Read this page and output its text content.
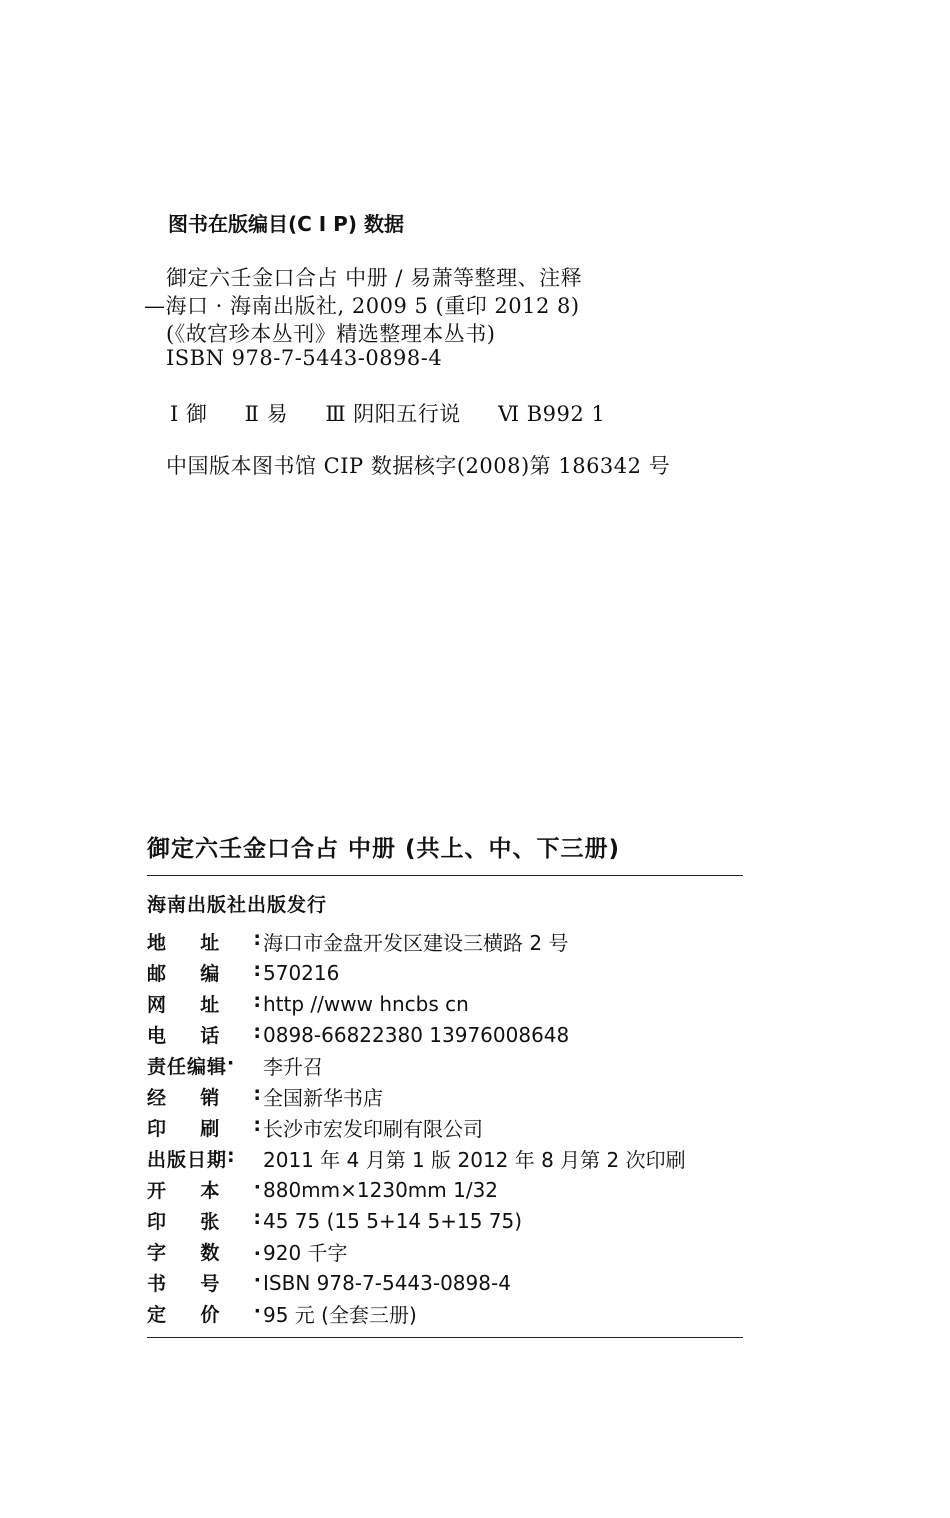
图书在版编目(C I P) 数据
御定六壬金口合占 中册 / 易萧等整理、注释
—海口 · 海南出版社, 2009 5 (重印 2012 8)
(《故宫珍本丛刊》精选整理本丛书)
ISBN 978-7-5443-0898-4
Ⅰ 御 Ⅱ 易 Ⅲ 阴阳五行说 Ⅵ B992 1
中国版本图书馆 CIP 数据核字(2008)第 186342 号
御定六壬金口合占 中册 (共上、中、下三册)
海南出版社出版发行
地 址 : 海口市金盘开发区建设三横路 2 号
邮 编 : 570216
网 址 : http //www hncbs cn
电 话 : 0898-66822380 13976008648
责任编辑 · 李升召
经 销 : 全国新华书店
印 刷 : 长沙市宏发印刷有限公司
出版日期 : 2011 年 4 月第 1 版 2012 年 8 月第 2 次印刷
开 本 · 880mm×1230mm 1/32
印 张 : 45 75 (15 5+14 5+15 75)
字 数 . 920 千字
书 号 · ISBN 978-7-5443-0898-4
定 价 · 95 元 (全套三册)
